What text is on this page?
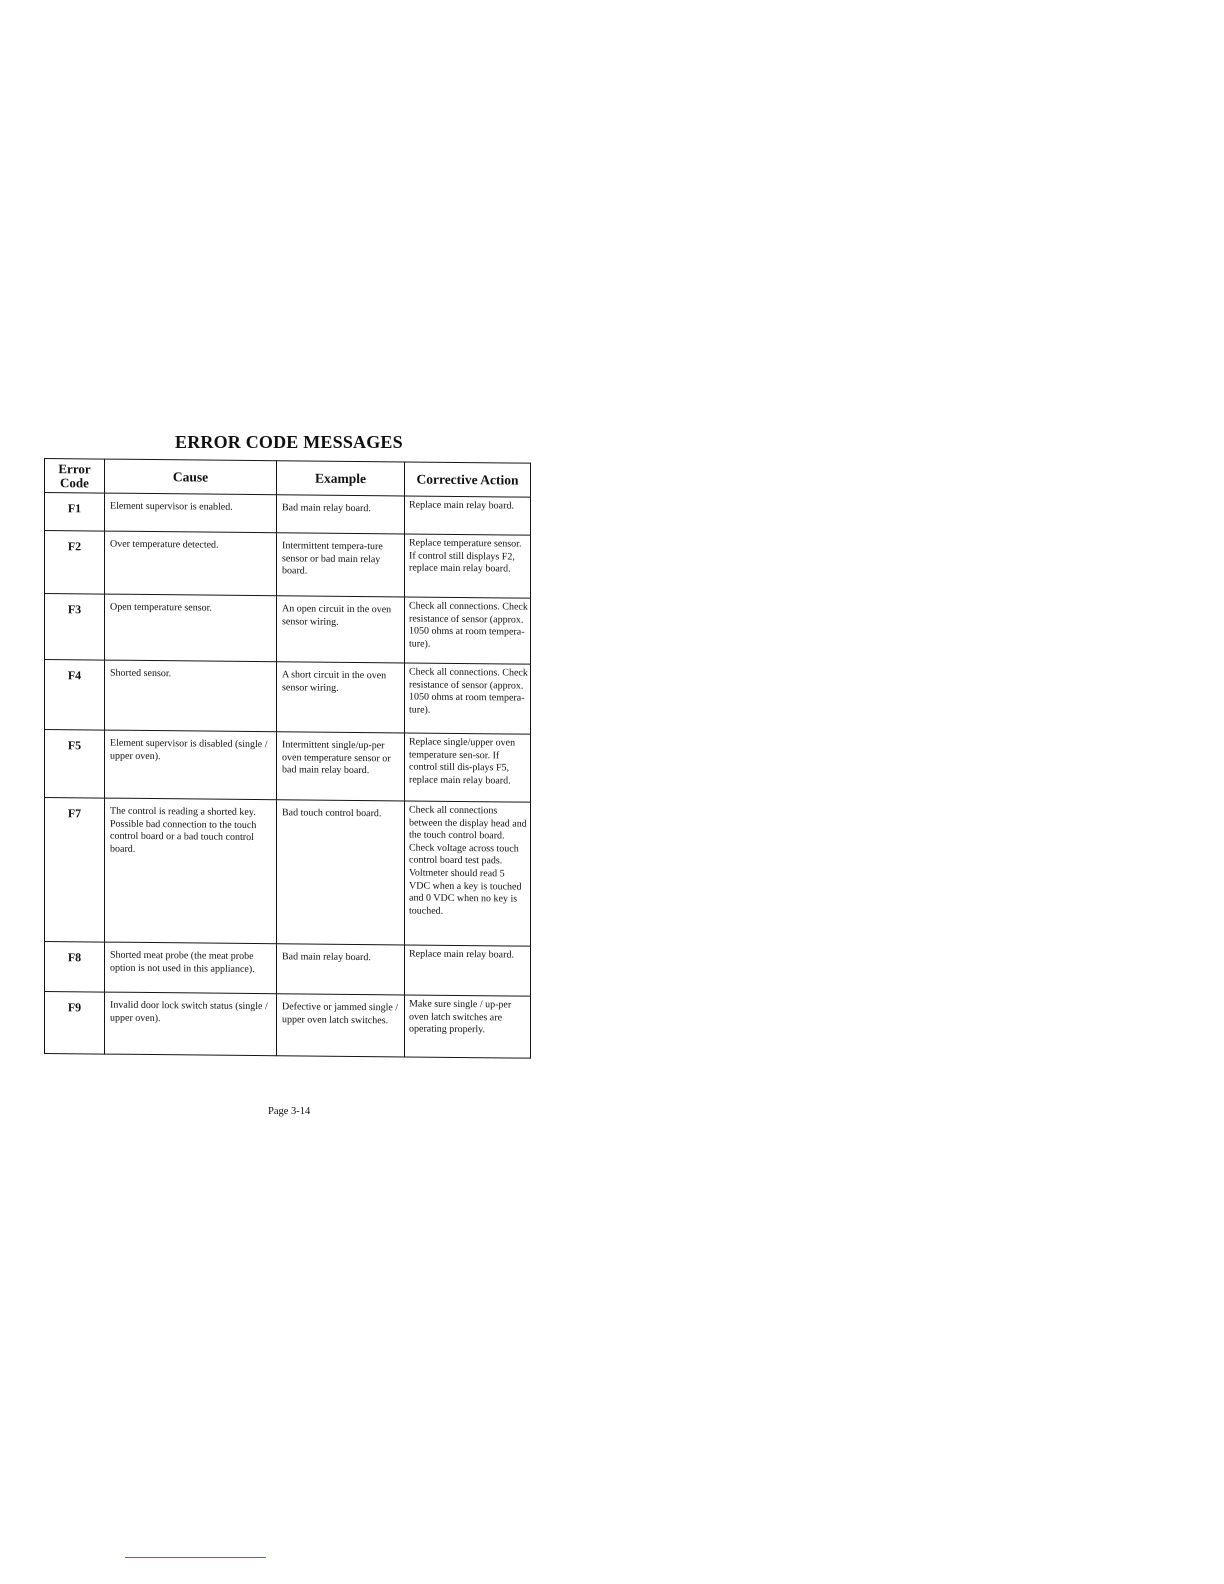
ERROR CODE MESSAGES
Error Code	Cause	Example	Corrective Action

F1	Element supervisor is enabled.	Bad main relay board.	Replace main relay board.

F2	Over temperature detected.	Intermittent tempera-ture sensor or bad main relay board.	Replace temperature sensor. If control still displays F2, replace main relay board.

F3	Open temperature sensor.	An open circuit in the oven sensor wiring.	Check all connections. Check resistance of sensor (approx. 1050 ohms at room tempera-ture).

F4	Shorted sensor.	A short circuit in the oven sensor wiring.	Check all connections. Check resistance of sensor (approx. 1050 ohms at room tempera-ture).

F5	Element supervisor is disabled (single / upper oven).	Intermittent single/up-per oven temperature sensor or bad main relay board.	Replace single/upper oven temperature sen-sor. If control still dis-plays F5, replace main relay board.

F7	The control is reading a shorted key. Possible bad connection to the touch control board or a bad touch control board.	Bad touch control board.	Check all connections between the display head and the touch control board. Check voltage across touch control board test pads. Voltmeter should read 5 VDC when a key is touched and 0 VDC when no key is touched.

F8	Shorted meat probe (the meat probe option is not used in this appliance).	Bad main relay board.	Replace main relay board.

F9	Invalid door lock switch status (single / upper oven).	Defective or jammed single / upper oven latch switches.	Make sure single / up-per oven latch switches are operating properly.
Page 3-14
